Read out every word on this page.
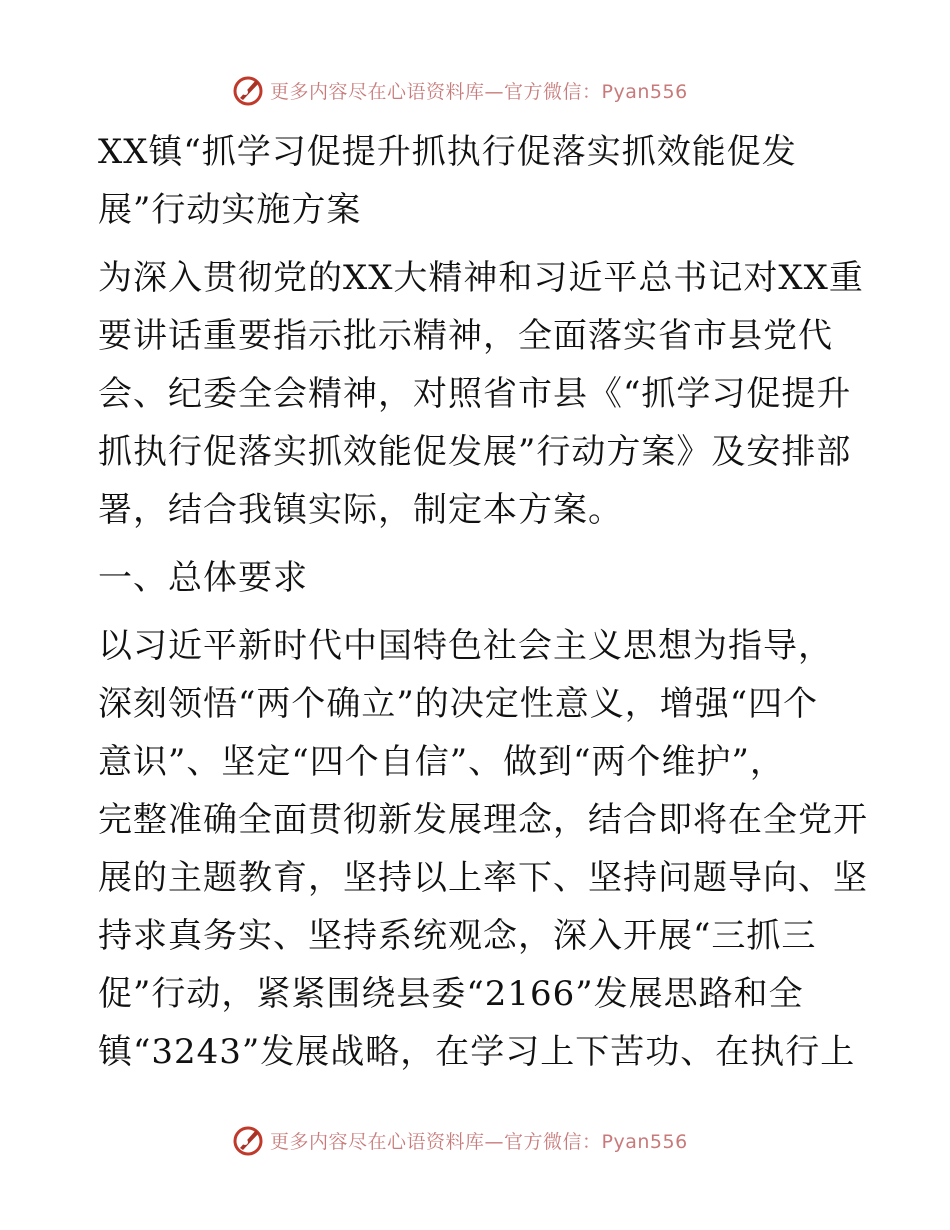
更多内容尽在心语资料库—官方微信：Pyan556
XX镇“抓学习促提升抓执行促落实抓效能促发
展”行动实施方案
为深入贯彻党的XX大精神和习近平总书记对XX重
要讲话重要指示批示精神，全面落实省市县党代
会、纪委全会精神，对照省市县《“抓学习促提升
抓执行促落实抓效能促发展”行动方案》及安排部
署，结合我镇实际，制定本方案。
一、总体要求
以习近平新时代中国特色社会主义思想为指导，
深刻领悟“两个确立”的决定性意义，增强“四个
意识”、坚定“四个自信”、做到“两个维护”，
完整准确全面贯彻新发展理念，结合即将在全党开
展的主题教育，坚持以上率下、坚持问题导向、坚
持求真务实、坚持系统观念，深入开展“三抓三
促”行动，紧紧围绕县委“2166”发展思路和全
镇“3243”发展战略，在学习上下苦功、在执行上
更多内容尽在心语资料库—官方微信：Pyan556
